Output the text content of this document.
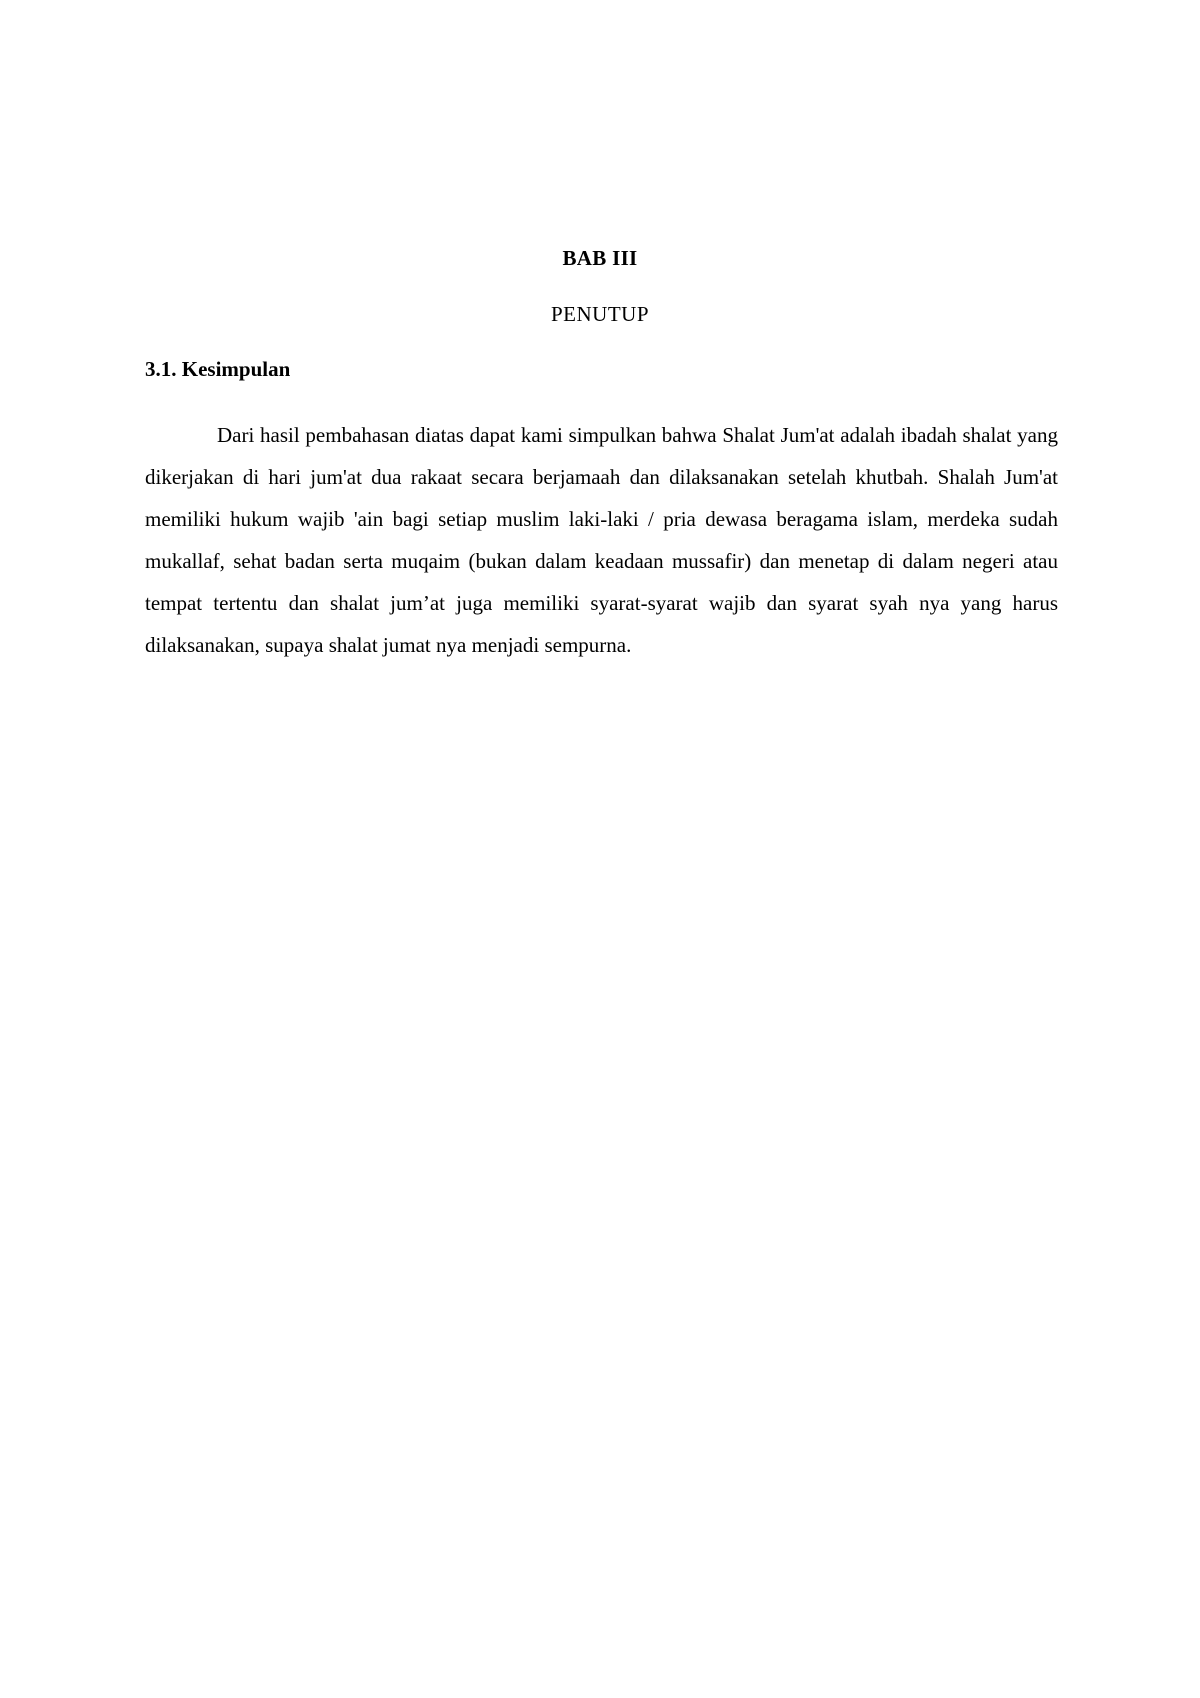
BAB III
PENUTUP
3.1. Kesimpulan

Dari hasil pembahasan diatas dapat kami simpulkan bahwa Shalat Jum'at adalah ibadah shalat yang dikerjakan di hari jum'at dua rakaat secara berjamaah dan dilaksanakan setelah khutbah. Shalah Jum'at memiliki hukum wajib 'ain bagi setiap muslim laki-laki / pria dewasa beragama islam, merdeka sudah mukallaf, sehat badan serta muqaim (bukan dalam keadaan mussafir) dan menetap di dalam negeri atau tempat tertentu dan shalat jum’at juga memiliki syarat-syarat wajib dan syarat syah nya yang harus dilaksanakan, supaya shalat jumat nya menjadi sempurna.
